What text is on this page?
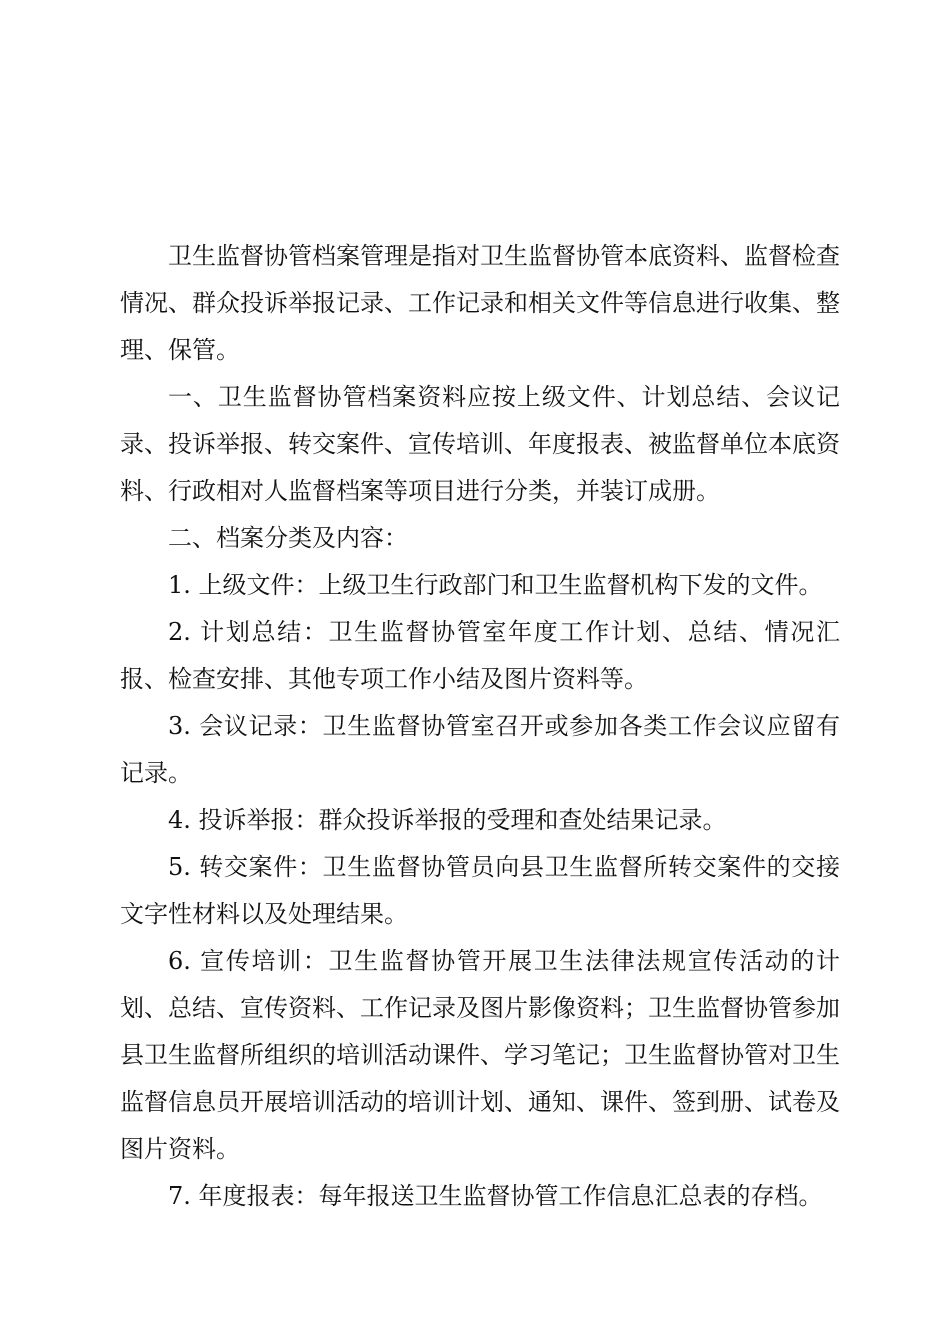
卫生监督协管档案管理是指对卫生监督协管本底资料、监督检查情况、群众投诉举报记录、工作记录和相关文件等信息进行收集、整理、保管。

一、卫生监督协管档案资料应按上级文件、计划总结、会议记录、投诉举报、转交案件、宣传培训、年度报表、被监督单位本底资料、行政相对人监督档案等项目进行分类，并装订成册。

二、档案分类及内容：

1. 上级文件：上级卫生行政部门和卫生监督机构下发的文件。

2. 计划总结：卫生监督协管室年度工作计划、总结、情况汇报、检查安排、其他专项工作小结及图片资料等。

3. 会议记录：卫生监督协管室召开或参加各类工作会议应留有记录。

4. 投诉举报：群众投诉举报的受理和查处结果记录。

5. 转交案件：卫生监督协管员向县卫生监督所转交案件的交接文字性材料以及处理结果。

6. 宣传培训：卫生监督协管开展卫生法律法规宣传活动的计划、总结、宣传资料、工作记录及图片影像资料；卫生监督协管参加县卫生监督所组织的培训活动课件、学习笔记；卫生监督协管对卫生监督信息员开展培训活动的培训计划、通知、课件、签到册、试卷及图片资料。

7. 年度报表：每年报送卫生监督协管工作信息汇总表的存档。
